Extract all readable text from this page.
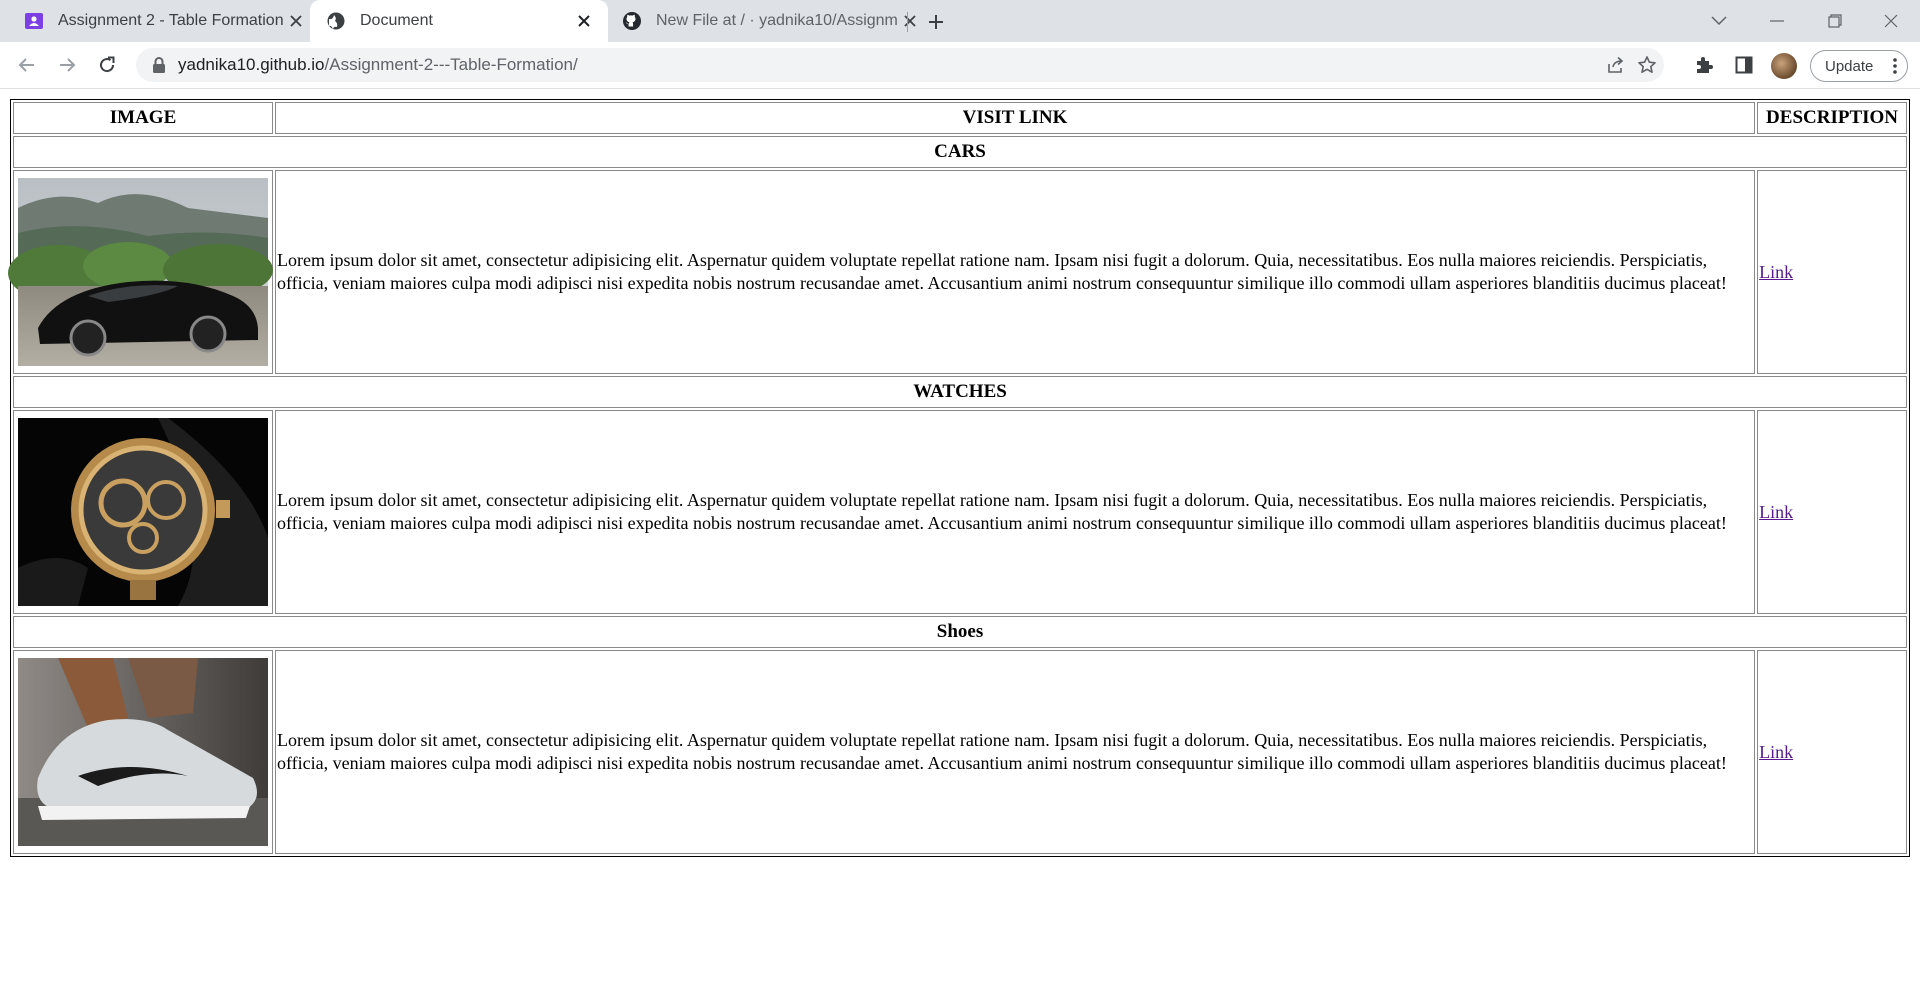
Assignment 2 - Table Formation	Document	New File at / · yadnika10/Assignm
yadnika10.github.io/Assignment-2---Table-Formation/	Update
IMAGE	VISIT LINK	DESCRIPTION
CARS		

	Lorem ipsum dolor sit amet, consectetur adipisicing elit. Aspernatur quidem voluptate repellat ratione nam. Ipsam nisi fugit a dolorum. Quia, necessitatibus. Eos nulla maiores reiciendis. Perspiciatis, officia, veniam maiores culpa modi adipisci nisi expedita nobis nostrum recusandae amet. Accusantium animi nostrum consequuntur similique illo commodi ullam asperiores blanditiis ducimus placeat!	Link
WATCHES		

	Lorem ipsum dolor sit amet, consectetur adipisicing elit. Aspernatur quidem voluptate repellat ratione nam. Ipsam nisi fugit a dolorum. Quia, necessitatibus. Eos nulla maiores reiciendis. Perspiciatis, officia, veniam maiores culpa modi adipisci nisi expedita nobis nostrum recusandae amet. Accusantium animi nostrum consequuntur similique illo commodi ullam asperiores blanditiis ducimus placeat!	Link
Shoes		

	Lorem ipsum dolor sit amet, consectetur adipisicing elit. Aspernatur quidem voluptate repellat ratione nam. Ipsam nisi fugit a dolorum. Quia, necessitatibus. Eos nulla maiores reiciendis. Perspiciatis, officia, veniam maiores culpa modi adipisci nisi expedita nobis nostrum recusandae amet. Accusantium animi nostrum consequuntur similique illo commodi ullam asperiores blanditiis ducimus placeat!	Link
